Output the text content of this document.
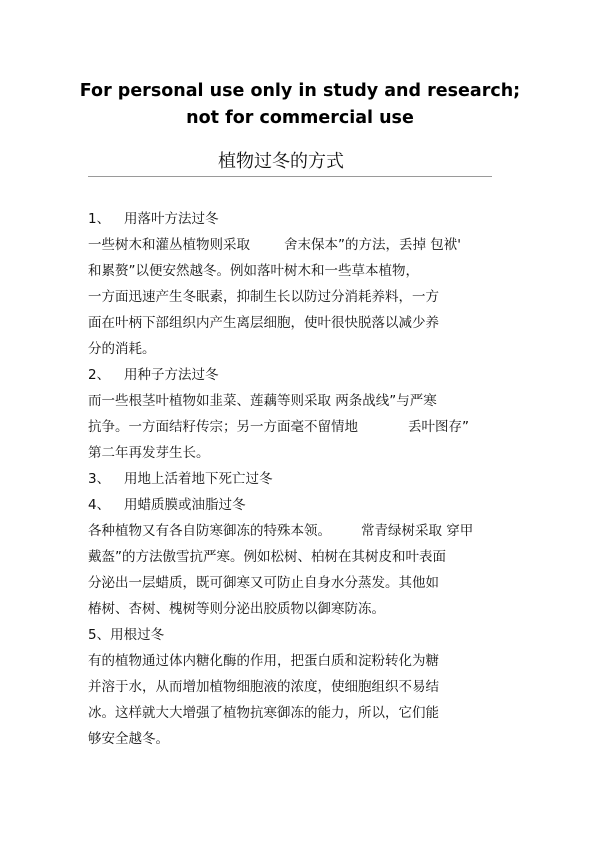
For personal use only in study and research;
not for commercial use
植物过冬的方式
1、 用落叶方法过冬
一些树木和灌丛植物则采取	舍末保本”的方法，丢掉 包袱'
和累赘”以便安然越冬。例如落叶树木和一些草本植物，
一方面迅速产生冬眠素，抑制生长以防过分消耗养料，一方
面在叶柄下部组织内产生离层细胞，使叶很快脱落以减少养
分的消耗。
2、 用种子方法过冬
而一些根茎叶植物如韭菜、莲藕等则采取 两条战线”与严寒
抗争。一方面结籽传宗；另一方面毫不留情地	丢叶图存”
第二年再发芽生长。
3、 用地上活着地下死亡过冬
4、 用蜡质膜或油脂过冬
各种植物又有各自防寒御冻的特殊本领。 常青绿树采取 穿甲
戴盔”的方法傲雪抗严寒。例如松树、柏树在其树皮和叶表面
分泌出一层蜡质，既可御寒又可防止自身水分蒸发。其他如
椿树、杏树、槐树等则分泌出胶质物以御寒防冻。
5、用根过冬
有的植物通过体内糖化酶的作用，把蛋白质和淀粉转化为糖
并溶于水，从而增加植物细胞液的浓度，使细胞组织不易结
冰。这样就大大增强了植物抗寒御冻的能力，所以，它们能
够安全越冬。
